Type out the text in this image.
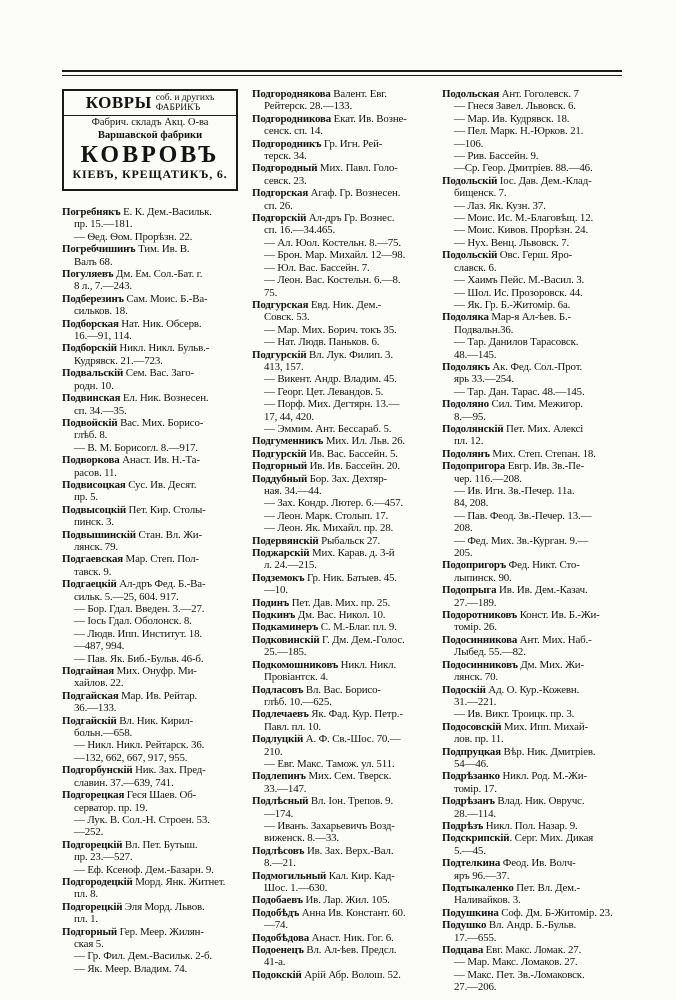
КОВРЫ соб. и другихъ
ФАБРИКЪ
Фабрич. складъ Акц. О-ва
Варшавской фабрики
КОВРОВЪ
КІЕВЪ, КРЕЩАТИКЪ, 6.
Погребнякъ Е. К. Дем.-Васильк.
пр. 15.—181.
— Ѳед. Ѳом. Прорѣзн. 22.
Погребчишинъ Тим. Ив. В.
Валъ 68.
Погуляевъ Дм. Ем. Сол.-Бат. г.
8 л., 7.—243.
Подберезинъ Сам. Моис. Б.-Ва-
сильков. 18.
Подборская Нат. Ник. Обсерв.
16.—91, 114.
Подборскій Никл. Никл. Бульв.-
Кудрявск. 21.—723.
Подвальскій Сем. Вас. Заго-
родн. 10.
Подвинская Ел. Ник. Вознесен.
сп. 34.—35.
Подвойскій Вас. Мих. Борисо-
глѣб. 8.
— В. М. Борисогл. 8.—917.
Подворкова Анаст. Ив. Н.-Та-
расов. 11.
Подвисоцкая Сус. Ив. Десят.
пр. 5.
Подвысоцкій Пет. Кир. Столы-
пинск. 3.
Подвышинскій Стан. Вл. Жи-
лянск. 79.
Подгаевская Мар. Степ. Пол-
тавск. 9.
Подгаецкій Ал-дръ Фед. Б.-Ва-
сильк. 5.—25, 604. 917.
— Бор. Гдал. Введен. 3.—27.
— Іось Гдал. Оболонск. 8.
— Людв. Ипп. Институт. 18.
—487, 994.
— Пав. Як. Биб.-Бульв. 46-б.
Подгайная Мих. Онуфр. Ми-
хайлов. 22.
Подгайская Мар. Ив. Рейтар.
36.—133.
Подгайскій Вл. Ник. Кирил-
больн.—658.
— Никл. Никл. Рейтарск. 36.
—132, 662, 667, 917, 955.
Подгорбунскій Ник. Зах. Пред-
славин. 37.—639, 741.
Подгорецкая Геся Шаев. Об-
серватор. пр. 19.
— Лук. В. Сол.-Н. Строен. 53.
—252.
Подгорецкій Вл. Пет. Бутыш.
пр. 23.—527.
— Еф. Ксеноф. Дем.-Базарн. 9.
Подгородецкій Морд. Янк. Житнет.
пл. 8.
Подгорецкій Эля Морд. Львов.
пл. 1.
Подгорный Гер. Меер. Жилян-
ская 5.
— Гр. Фил. Дем.-Васильк. 2-б.
— Як. Меер. Владим. 74.
Подгороднякова Валент. Евг.
Рейтерск. 28.—133.
Подгородникова Екат. Ив. Возне-
сенск. сп. 14.
Подгородникъ Гр. Игн. Рей-
терск. 34.
Подгородный Мих. Павл. Голо-
севск. 23.
Подгорская Агаф. Гр. Вознесен.
сп. 26.
Подгорскій Ал-дръ Гр. Вознес.
сп. 16.—34.465.
— Ал. Юол. Костельн. 8.—75.
— Брон. Мар. Михайл. 12—98.
— Юл. Вас. Бассейн. 7.
— Леон. Вас. Костельн. 6.—8.
75.
Подгурская Евд. Ник. Дем.-
Совск. 53.
— Мар. Мих. Борич. токъ 35.
— Нат. Людв. Паньков. 6.
Подгурскій Вл. Лук. Филип. 3.
413, 157.
— Викент. Андр. Владим. 45.
— Георг. Цет. Левандов. 5.
— Порф. Мих. Дегтярн. 13.—
17, 44, 420.
— Эммим. Ант. Бессараб. 5.
Подгуменникъ Мих. Ил. Льв. 26.
Подгурскій Ив. Вас. Бассейн. 5.
Подгорный Ив. Ив. Бассейн. 20.
Поддубный Бор. Зах. Дехтяр-
ная. 34.—44.
— Зах. Кондр. Лютер. 6.—457.
— Леон. Марк. Столып. 17.
— Леон. Як. Михайл. пр. 28.
Подервянскій Рыбальск 27.
Поджарскій Мих. Карав. д. 3-й
л. 24.—215.
Подземокъ Гр. Ник. Батыев. 45.
—10.
Подинъ Пет. Дав. Мих. пр. 25.
Подкинъ Дм. Вас. Никол. 10.
Подкаминеръ С. М.-Благ. пл. 9.
Подковинскій Г. Дм. Дем.-Голос.
25.—185.
Подкомошниковъ Никл. Никл.
Провіантск. 4.
Подласовъ Вл. Вас. Борисо-
глѣб. 10.—625.
Подлечаевъ Як. Фад. Кур. Петр.-
Павл. пл. 10.
Подлуцкій А. Ф. Св.-Шос. 70.—
210.
— Евг. Макс. Тамож. ул. 511.
Подлепинъ Мих. Сем. Тверск.
33.—147.
Подлѣсный Вл. Іон. Трепов. 9.
—174.
— Иванъ. Захарьевичъ Возд-
виженск. 8.—33.
Подлѣсовъ Ив. Зах. Верх.-Вал.
8.—21.
Подмогильный Кал. Кир. Кад-
Шос. 1.—630.
Подобаевъ Ив. Лар. Жил. 105.
Подобѣдъ Анна Ив. Констант. 60.
—74.
Подобѣдова Анаст. Ник. Гог. 6.
Подоенецъ Вл. Ал-ѣев. Предсл.
41-a.
Подокскій Арій Абр. Волош. 52.
Подольская Ант. Гоголевск. 7
— Гнеся Завел. Львовск. 6.
— Мар. Ив. Кудрявск. 18.
— Пел. Марк. Н.-Юрков. 21.
—106.
— Рив. Бассейн. 9.
—Ср. Геор. Дмитріев. 88.—46.
Подольскій Іос. Дав. Дем.-Клад-
бищенск. 7.
— Лаз. Як. Кузн. 37.
— Моис. Ис. М.-Благовѣщ. 12.
— Моис. Кивов. Прорѣзн. 24.
— Нух. Венц. Львовск. 7.
Подольскій Овс. Герш. Яро-
славск. 6.
— Хаимъ Пейс. М.-Васил. 3.
— Шол. Ис. Прозоровск. 44.
— Як. Гр. Б.-Житомір. 6а.
Подоляка Мар-я Ал-ѣев. Б.-
Подвальн.36.
— Тар. Данилов Тарасовск.
48.—145.
Подолякъ Ак. Фед. Сол.-Прот.
ярь 33.—254.
— Тар. Дан. Тарас. 48.—145.
Подоляно Сил. Тим. Межигор.
8.—95.
Подолянскій Пет. Мих. Алексі
пл. 12.
Подолянъ Мих. Степ. Степан. 18.
Подопригора Евгр. Ив. Зв.-Пе-
чер. 116.—208.
— Ив. Игн. Зв.-Печер. 11а.
84, 208.
— Пав. Феод. Зв.-Печер. 13.—
208.
— Фед. Мих. Зв.-Курган. 9.—
205.
Подопригоръ Фед. Никт. Сто-
лыпинск. 90.
Подопрыга Ив. Ив. Дем.-Казач.
27.—189.
Подоротниковъ Конст. Ив. Б.-Жи-
томір. 26.
Подосинникова Ант. Мих. Наб.-
Лыбед. 55.—82.
Подосинниковъ Дм. Мих. Жи-
лянск. 70.
Подоскій Ад. О. Кур.-Кожевн.
31.—221.
— Ив. Викт. Троицк. пр. 3.
Подосовскій Мих. Ипп. Михай-
лов. пр. 11.
Подпруцкая Вѣр. Ник. Дмитріев.
54—46.
Подрѣзанко Никл. Род. М.-Жи-
томір. 17.
Подрѣзанъ Влад. Ник. Овручс.
28.—114.
Подрѣзъ Никл. Пол. Назар. 9.
Подскрипскій. Серг. Мих. Дикая
5.—45.
Подтелкина Феод. Ив. Волч-
яръ 96.—37.
Подтыкаленко Пет. Вл. Дем.-
Наливайков. 3.
Подушкина Соф. Дм. Б-Житомір. 23.
Подушко Вл. Андр. Б.-Бульв.
17.—655.
Подцава Евг. Макс. Ломак. 27.
— Мар. Макс. Ломаков. 27.
— Макс. Пет. Зв.-Ломаковск.
27.—206.
